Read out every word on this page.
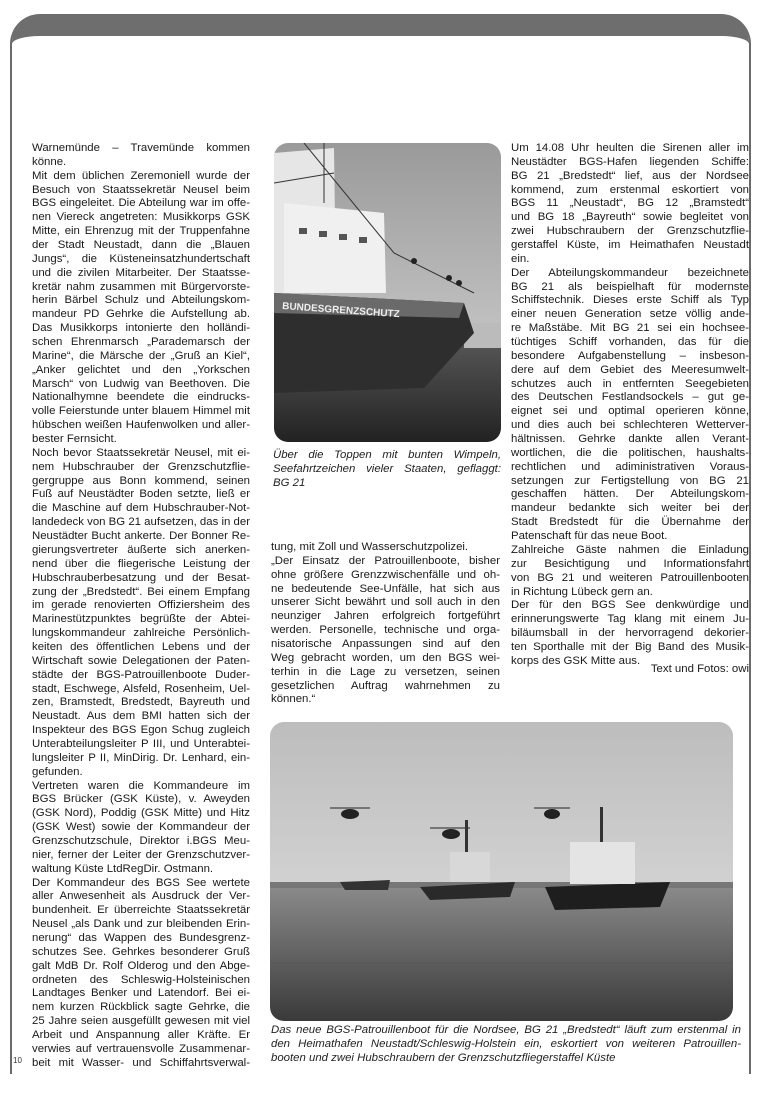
Warnemünde – Travemünde kommen
könne.
Mit dem üblichen Zeremoniell wurde der
Besuch von Staatssekretär Neusel beim
BGS eingeleitet. Die Abteilung war im offe-
nen Viereck angetreten: Musikkorps GSK
Mitte, ein Ehrenzug mit der Truppenfahne
der Stadt Neustadt, dann die „Blauen
Jungs“, die Küsteneinsatzhundertschaft
und die zivilen Mitarbeiter. Der Staatsse-
kretär nahm zusammen mit Bürgervorste-
herin Bärbel Schulz und Abteilungskom-
mandeur PD Gehrke die Aufstellung ab.
Das Musikkorps intonierte den holländi-
schen Ehrenmarsch „Parademarsch der
Marine“, die Märsche der „Gruß an Kiel“,
„Anker gelichtet und den „Yorkschen
Marsch“ von Ludwig van Beethoven. Die
Nationalhymne beendete die eindrucks-
volle Feierstunde unter blauem Himmel mit
hübschen weißen Haufenwolken und aller-
bester Fernsicht.
Noch bevor Staatssekretär Neusel, mit ei-
nem Hubschrauber der Grenzschutzflie-
gergruppe aus Bonn kommend, seinen
Fuß auf Neustädter Boden setzte, ließ er
die Maschine auf dem Hubschrauber-Not-
landedeck von BG 21 aufsetzen, das in der
Neustädter Bucht ankerte. Der Bonner Re-
gierungsvertreter äußerte sich anerken-
nend über die fliegerische Leistung der
Hubschrauberbesatzung und der Besat-
zung der „Bredstedt“. Bei einem Empfang
im gerade renovierten Offiziersheim des
Marinestützpunktes begrüßte der Abtei-
lungskommandeur zahlreiche Persönlich-
keiten des öffentlichen Lebens und der
Wirtschaft sowie Delegationen der Paten-
städte der BGS-Patrouillenboote Duder-
stadt, Eschwege, Alsfeld, Rosenheim, Uel-
zen, Bramstedt, Bredstedt, Bayreuth und
Neustadt. Aus dem BMI hatten sich der
Inspekteur des BGS Egon Schug zugleich
Unterabteilungsleiter P III, und Unterabtei-
lungsleiter P II, MinDirig. Dr. Lenhard, ein-
gefunden.
Vertreten waren die Kommandeure im
BGS Brücker (GSK Küste), v. Aweyden
(GSK Nord), Poddig (GSK Mitte) und Hitz
(GSK West) sowie der Kommandeur der
Grenzschutzschule, Direktor i.BGS Meu-
nier, ferner der Leiter der Grenzschutzver-
waltung Küste LtdRegDir. Ostmann.
Der Kommandeur des BGS See wertete
aller Anwesenheit als Ausdruck der Ver-
bundenheit. Er überreichte Staatssekretär
Neusel „als Dank und zur bleibenden Erin-
nerung“ das Wappen des Bundesgrenz-
schutzes See. Gehrkes besonderer Gruß
galt MdB Dr. Rolf Olderog und den Abge-
ordneten des Schleswig-Holsteinischen
Landtages Benker und Latendorf. Bei ei-
nem kurzen Rückblick sagte Gehrke, die
25 Jahre seien ausgefüllt gewesen mit viel
Arbeit und Anspannung aller Kräfte. Er
verwies auf vertrauensvolle Zusammenar-
beit mit Wasser- und Schiffahrtsverwal-
tung, mit Zoll und Wasserschutzpolizei.
„Der Einsatz der Patrouillenboote, bisher
ohne größere Grenzzwischenfälle und oh-
ne bedeutende See-Unfälle, hat sich aus
unserer Sicht bewährt und soll auch in den
neunziger Jahren erfolgreich fortgeführt
werden. Personelle, technische und orga-
nisatorische Anpassungen sind auf den
Weg gebracht worden, um den BGS wei-
terhin in die Lage zu versetzen, seinen
gesetzlichen Auftrag wahrnehmen zu
können.“
Um 14.08 Uhr heulten die Sirenen aller im
Neustädter BGS-Hafen liegenden Schiffe:
BG 21 „Bredstedt“ lief, aus der Nordsee
kommend, zum erstenmal eskortiert von
BGS 11 „Neustadt“, BG 12 „Bramstedt“
und BG 18 „Bayreuth“ sowie begleitet von
zwei Hubschraubern der Grenzschutzflie-
gerstaffel Küste, im Heimathafen Neustadt
ein.
Der Abteilungskommandeur bezeichnete
BG 21 als beispielhaft für modernste
Schiffstechnik. Dieses erste Schiff als Typ
einer neuen Generation setze völlig ande-
re Maßstäbe. Mit BG 21 sei ein hochsee-
tüchtiges Schiff vorhanden, das für die
besondere Aufgabenstellung – insbeson-
dere auf dem Gebiet des Meeresumwelt-
schutzes auch in entfernten Seegebieten
des Deutschen Festlandsockels – gut ge-
eignet sei und optimal operieren könne,
und dies auch bei schlechteren Wetterver-
hältnissen. Gehrke dankte allen Verant-
wortlichen, die die politischen, haushalts-
rechtlichen und adiministrativen Voraus-
setzungen zur Fertigstellung von BG 21
geschaffen hätten. Der Abteilungskom-
mandeur bedankte sich weiter bei der
Stadt Bredstedt für die Übernahme der
Patenschaft für das neue Boot.
Zahlreiche Gäste nahmen die Einladung
zur Besichtigung und Informationsfahrt
von BG 21 und weiteren Patrouillenbooten
in Richtung Lübeck gern an.
Der für den BGS See denkwürdige und
erinnerungswerte Tag klang mit einem Ju-
biläumsball in der hervorragend dekorier-
ten Sporthalle mit der Big Band des Musik-
korps des GSK Mitte aus.
Text und Fotos: owi
BUNDESGRENZSCHUTZ
Über die Toppen mit bunten Wimpeln,
Seefahrtzeichen vieler Staaten, geflaggt:
BG 21
Das neue BGS-Patrouillenboot für die Nordsee, BG 21 „Bredstedt“ läuft zum erstenmal in
den Heimathafen Neustadt/Schleswig-Holstein ein, eskortiert von weiteren Patrouillen-
booten und zwei Hubschraubern der Grenzschutzfliegerstaffel Küste
10
